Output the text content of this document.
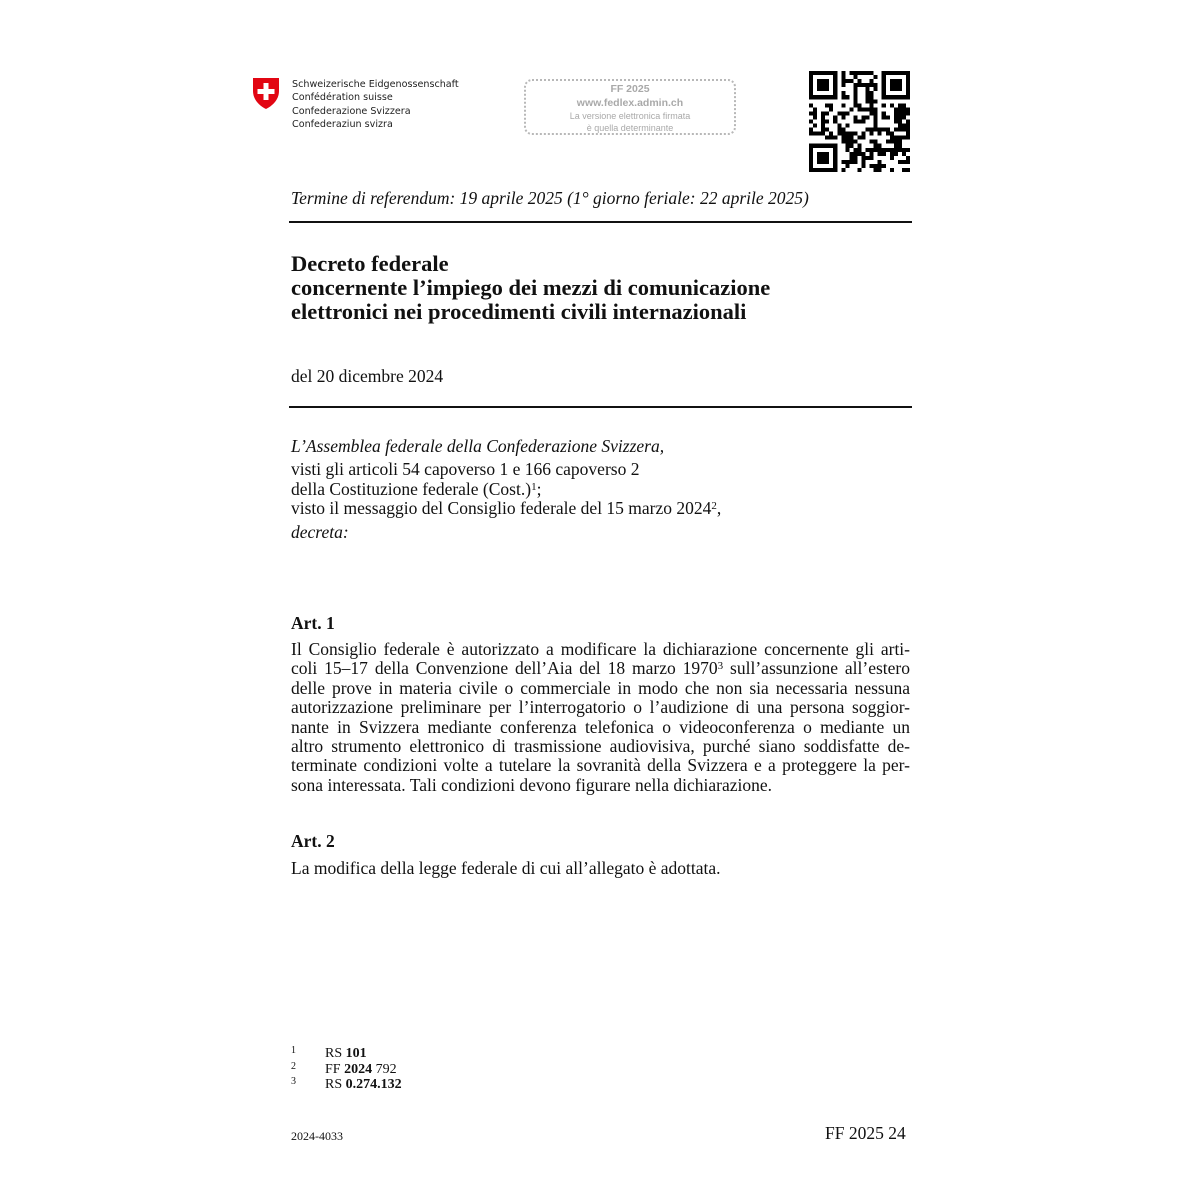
Schweizerische Eidgenossenschaft
Confédération suisse
Confederazione Svizzera
Confederaziun svizra
FF 2025
www.fedlex.admin.ch
La versione elettronica firmata
è quella determinante
Termine di referendum: 19 aprile 2025 (1° giorno feriale: 22 aprile 2025)
Decreto federale
concernente l’impiego dei mezzi di comunicazione
elettronici nei procedimenti civili internazionali
del 20 dicembre 2024
L’Assemblea federale della Confederazione Svizzera,
visti gli articoli 54 capoverso 1 e 166 capoverso 2
della Costituzione federale (Cost.)$^1$;
visto il messaggio del Consiglio federale del 15 marzo 2024$^2$,
decreta:
Art. 1
Il Consiglio federale è autorizzato a modificare la dichiarazione concernente gli arti-
coli 15–17 della Convenzione dell’Aia del 18 marzo 1970$^3$ sull’assunzione all’estero
delle prove in materia civile o commerciale in modo che non sia necessaria nessuna
autorizzazione preliminare per l’interrogatorio o l’audizione di una persona soggior-
nante in Svizzera mediante conferenza telefonica o videoconferenza o mediante un
altro strumento elettronico di trasmissione audiovisiva, purché siano soddisfatte de-
terminate condizioni volte a tutelare la sovranità della Svizzera e a proteggere la per-
sona interessata. Tali condizioni devono figurare nella dichiarazione.
Art. 2
La modifica della legge federale di cui all’allegato è adottata.
1 RS 101
2 FF 2024 792
3 RS 0.274.132
2024-4033	FF 2025 24
